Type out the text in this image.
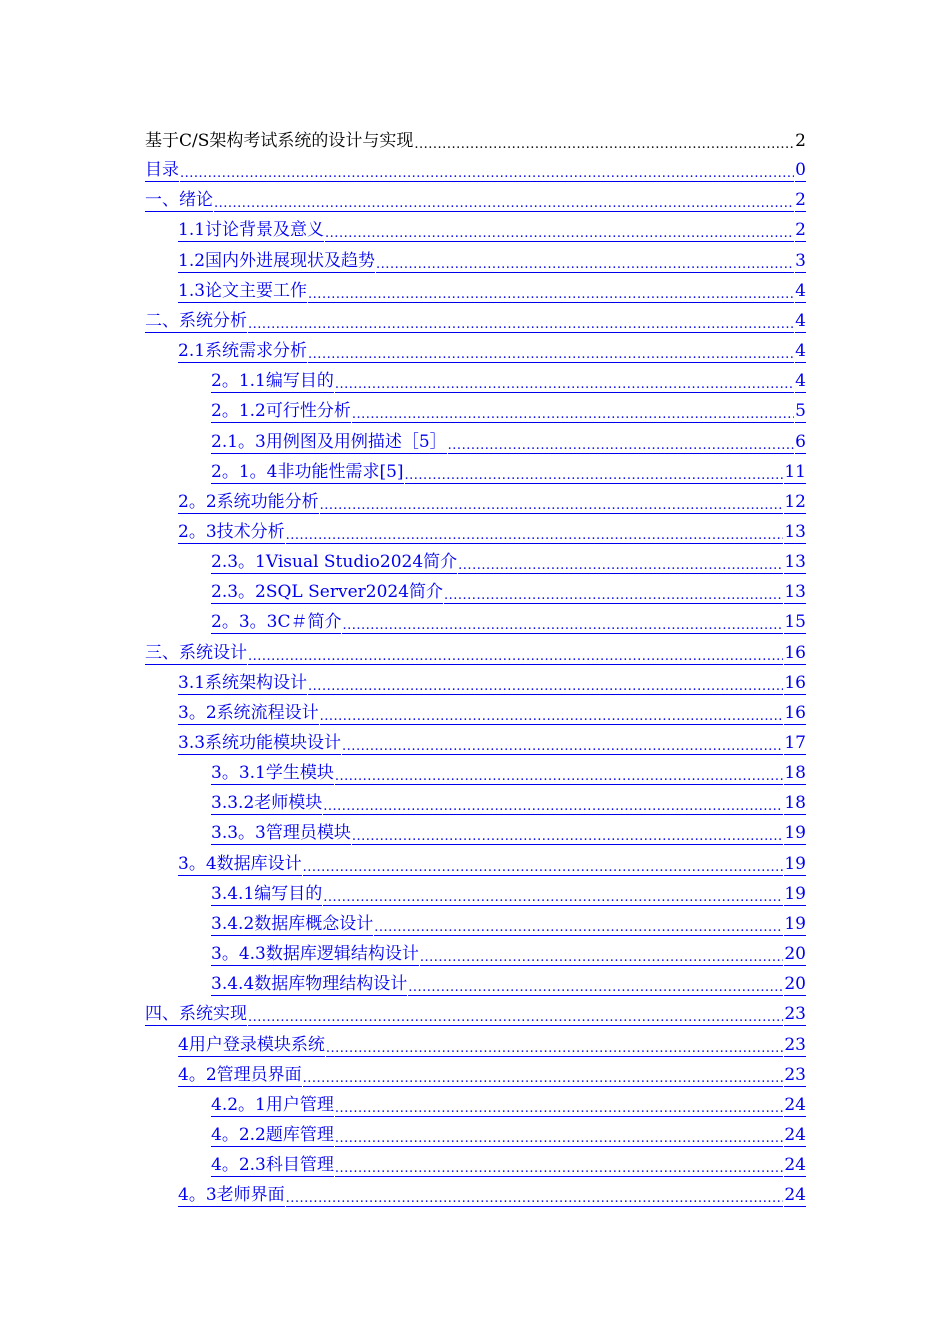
基于C/S架构考试系统的设计与实现 .....	2
目录 .....	0
一、绪论 .....	2
1.1讨论背景及意义 .....	2
1.2国内外进展现状及趋势 .....	3
1.3论文主要工作 .....	4
二、系统分析 .....	4
2.1系统需求分析 .....	4
2。1.1编写目的 .....	4
2。1.2可行性分析 .....	5
2.1。3用例图及用例描述［5］ .....	6
2。1。4非功能性需求[5] .....	11
2。2系统功能分析 .....	12
2。3技术分析 .....	13
2.3。1Visual Studio2024简介 .....	13
2.3。2SQL Server2024简介 .....	13
2。3。3C＃简介 .....	15
三、系统设计 .....	16
3.1系统架构设计 .....	16
3。2系统流程设计 .....	16
3.3系统功能模块设计 .....	17
3。3.1学生模块 .....	18
3.3.2老师模块 .....	18
3.3。3管理员模块 .....	19
3。4数据库设计 .....	19
3.4.1编写目的 .....	19
3.4.2数据库概念设计 .....	19
3。4.3数据库逻辑结构设计 .....	20
3.4.4数据库物理结构设计 .....	20
四、系统实现 .....	23
4用户登录模块系统 .....	23
4。2管理员界面 .....	23
4.2。1用户管理 .....	24
4。2.2题库管理 .....	24
4。2.3科目管理 .....	24
4。3老师界面 .....	24
